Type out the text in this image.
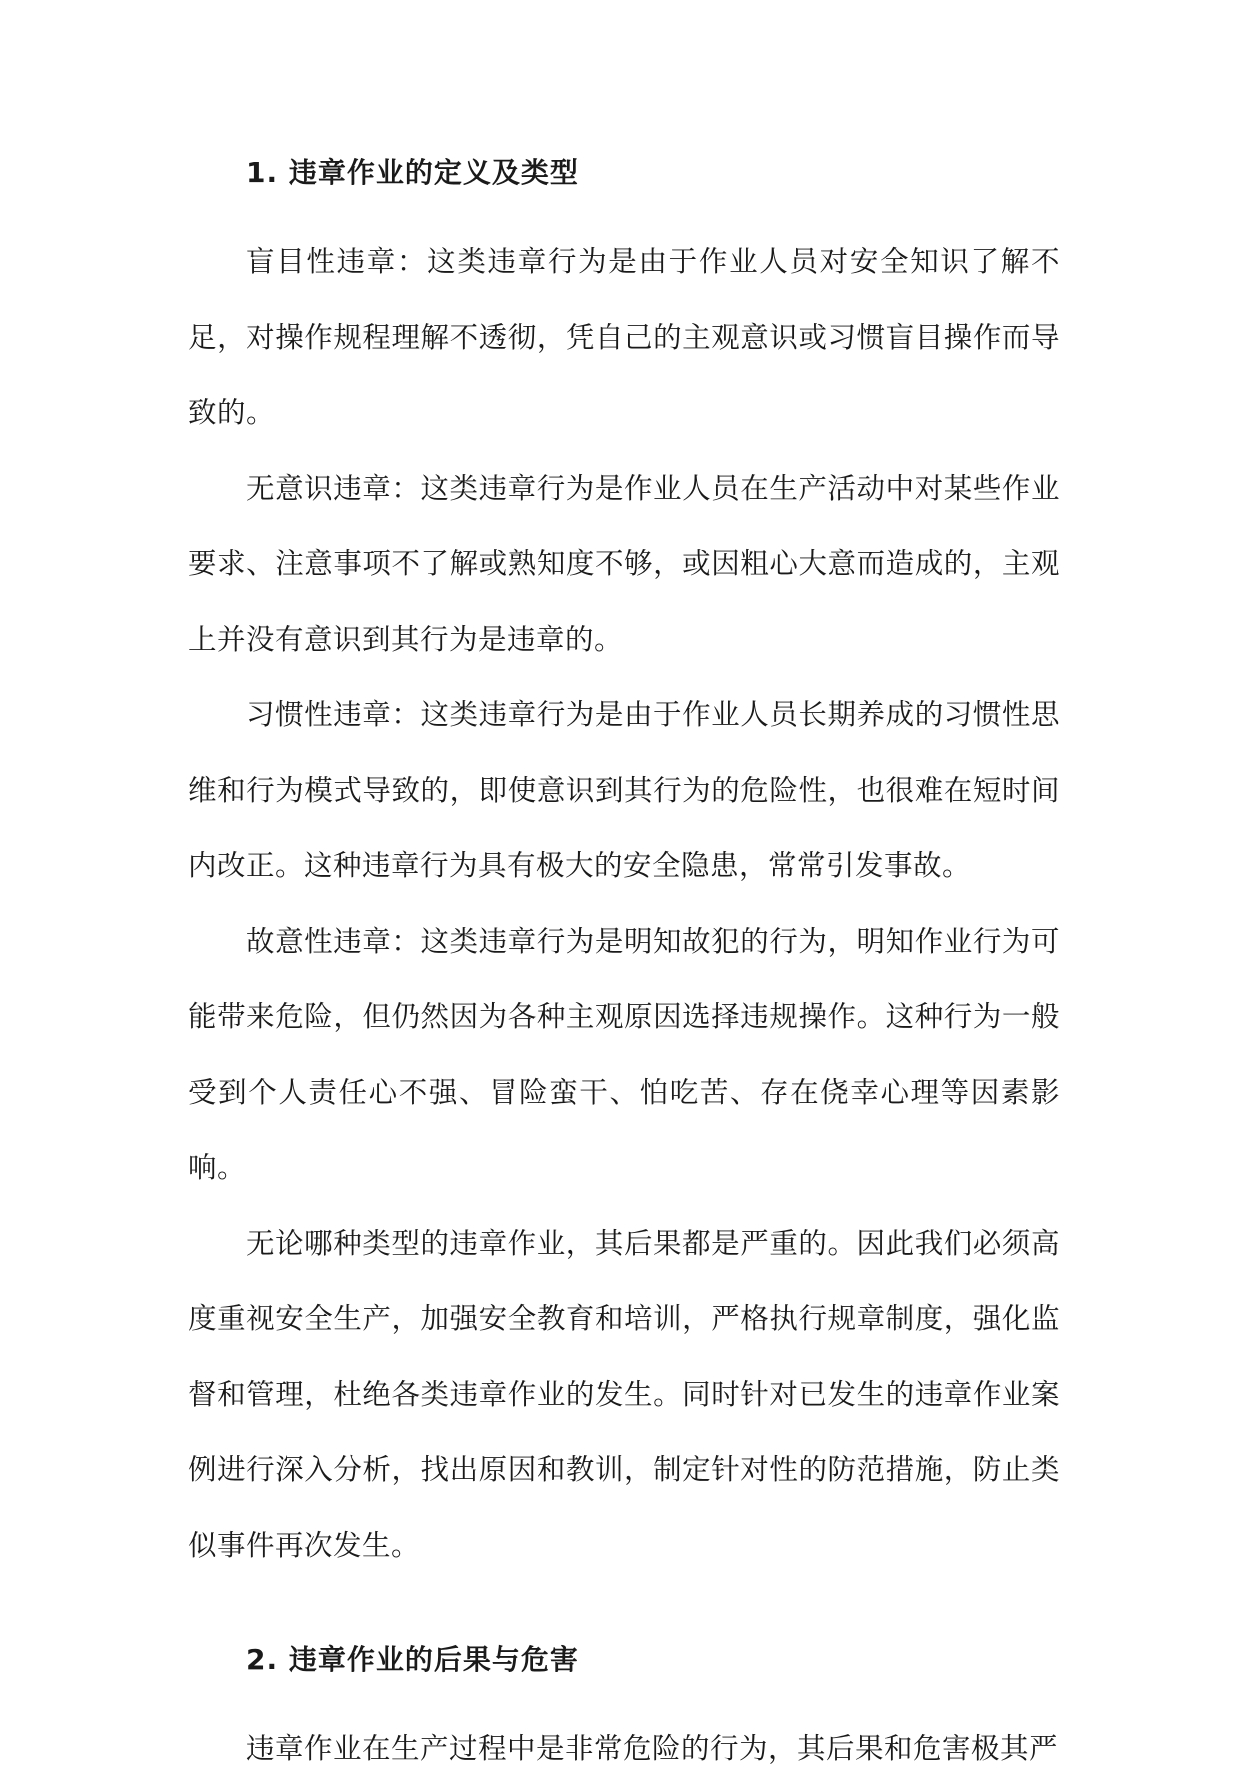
1. 违章作业的定义及类型

盲目性违章：这类违章行为是由于作业人员对安全知识了解不足，对操作规程理解不透彻，凭自己的主观意识或习惯盲目操作而导致的。

无意识违章：这类违章行为是作业人员在生产活动中对某些作业要求、注意事项不了解或熟知度不够，或因粗心大意而造成的，主观上并没有意识到其行为是违章的。

习惯性违章：这类违章行为是由于作业人员长期养成的习惯性思维和行为模式导致的，即使意识到其行为的危险性，也很难在短时间内改正。这种违章行为具有极大的安全隐患，常常引发事故。

故意性违章：这类违章行为是明知故犯的行为，明知作业行为可能带来危险，但仍然因为各种主观原因选择违规操作。这种行为一般受到个人责任心不强、冒险蛮干、怕吃苦、存在侥幸心理等因素影响。

无论哪种类型的违章作业，其后果都是严重的。因此我们必须高度重视安全生产，加强安全教育和培训，严格执行规章制度，强化监督和管理，杜绝各类违章作业的发生。同时针对已发生的违章作业案例进行深入分析，找出原因和教训，制定针对性的防范措施，防止类似事件再次发生。

2. 违章作业的后果与危害

违章作业在生产过程中是非常危险的行为，其后果和危害极其严
